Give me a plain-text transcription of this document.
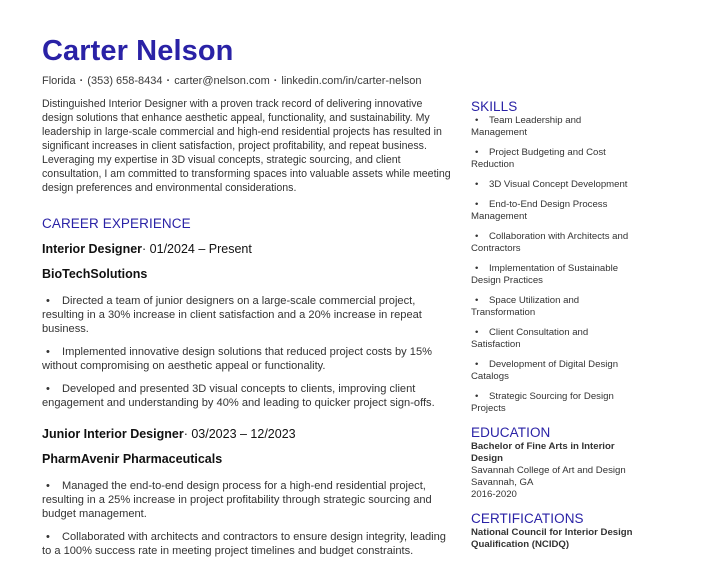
Carter Nelson
Florida · (353) 658-8434 · carter@nelson.com · linkedin.com/in/carter-nelson

Distinguished Interior Designer with a proven track record of delivering innovative design solutions that enhance aesthetic appeal, functionality, and sustainability. My leadership in large-scale commercial and high-end residential projects has resulted in significant increases in client satisfaction, project profitability, and repeat business. Leveraging my expertise in 3D visual concepts, strategic sourcing, and client consultation, I am committed to transforming spaces into valuable assets while meeting design preferences and environmental considerations.

CAREER EXPERIENCE

Interior Designer· 01/2024 – Present

BioTechSolutions

• Directed a team of junior designers on a large-scale commercial project, resulting in a 30% increase in client satisfaction and a 20% increase in repeat business.
• Implemented innovative design solutions that reduced project costs by 15% without compromising on aesthetic appeal or functionality.
• Developed and presented 3D visual concepts to clients, improving client engagement and understanding by 40% and leading to quicker project sign-offs.

Junior Interior Designer· 03/2023 – 12/2023

PharmAvenir Pharmaceuticals

• Managed the end-to-end design process for a high-end residential project, resulting in a 25% increase in project profitability through strategic sourcing and budget management.
• Collaborated with architects and contractors to ensure design integrity, leading to a 100% success rate in meeting project timelines and budget constraints.
SKILLS
• Team Leadership and Management
• Project Budgeting and Cost Reduction
• 3D Visual Concept Development
• End-to-End Design Process Management
• Collaboration with Architects and Contractors
• Implementation of Sustainable Design Practices
• Space Utilization and Transformation
• Client Consultation and Satisfaction
• Development of Digital Design Catalogs
• Strategic Sourcing for Design Projects
EDUCATION

Bachelor of Fine Arts in Interior Design

Savannah College of Art and Design

Savannah, GA

2016-2020

CERTIFICATIONS

National Council for Interior Design Qualification (NCIDQ)
